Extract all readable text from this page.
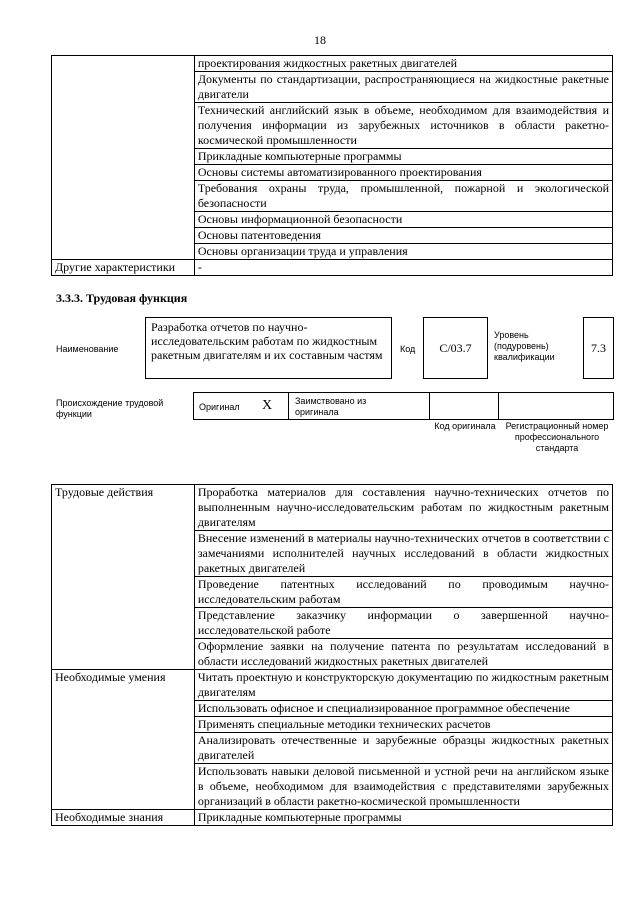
18
	проектирования жидкостных ракетных двигателей
	Документы по стандартизации, распространяющиеся на жидкостные ракетные двигатели
	Технический английский язык в объеме, необходимом для взаимодействия и получения информации из зарубежных источников в области ракетно-космической промышленности
	Прикладные компьютерные программы
	Основы системы автоматизированного проектирования
	Требования охраны труда, промышленной, пожарной и экологической безопасности
	Основы информационной безопасности
	Основы патентоведения
	Основы организации труда и управления
Другие характеристики	-
3.3.3. Трудовая функция
Наименование
Разработка отчетов по научно-исследовательским работам по жидкостным ракетным двигателям и их составным частям	Код	С/03.7
Уровень (подуровень) квалификации
7.3
Происхождение трудовой функции
Оригинал X	Заимствовано из оригинала
Код оригинала	Регистрационный номер профессионального стандарта
Трудовые действия	Проработка материалов для составления научно-технических отчетов по выполненным научно-исследовательским работам по жидкостным ракетным двигателям
	Внесение изменений в материалы научно-технических отчетов в соответствии с замечаниями исполнителей научных исследований в области жидкостных ракетных двигателей
	Проведение патентных исследований по проводимым научно-исследовательским работам
	Представление заказчику информации о завершенной научно-исследовательской работе
	Оформление заявки на получение патента по результатам исследований в области исследований жидкостных ракетных двигателей
Необходимые умения	Читать проектную и конструкторскую документацию по жидкостным ракетным двигателям
	Использовать офисное и специализированное программное обеспечение
	Применять специальные методики технических расчетов
	Анализировать отечественные и зарубежные образцы жидкостных ракетных двигателей
	Использовать навыки деловой письменной и устной речи на английском языке в объеме, необходимом для взаимодействия с представителями зарубежных организаций в области ракетно-космической промышленности
Необходимые знания	Прикладные компьютерные программы
